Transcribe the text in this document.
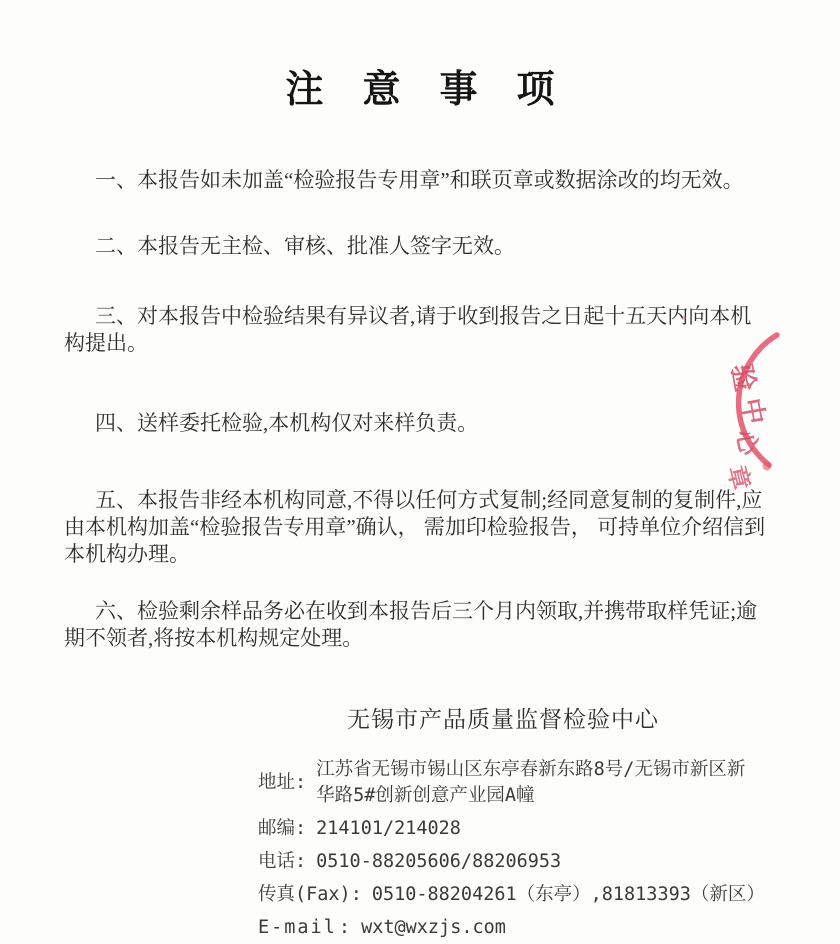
注意事项

一、本报告如未加盖“检验报告专用章”和联页章或数据涂改的均无效。

二、本报告无主检、审核、批准人签字无效。

三、对本报告中检验结果有异议者,请于收到报告之日起十五天内向本机构提出。

四、送样委托检验,本机构仅对来样负责。

五、本报告非经本机构同意,不得以任何方式复制;经同意复制的复制件,应由本机构加盖“检验报告专用章”确认， 需加印检验报告， 可持单位介绍信到本机构办理。

六、检验剩余样品务必在收到本报告后三个月内领取,并携带取样凭证;逾期不领者,将按本机构规定处理。

验
中
心
章
无锡市产品质量监督检验中心
地址:
江苏省无锡市锡山区东亭春新东路8号/无锡市新区新
华路5#创新创意产业园A幢
邮编: 214101/214028
电话: 0510-88205606/88206953
传真(Fax): 0510-88204261（东亭）,81813393（新区）
E-mail : wxt@wxzjs.com
